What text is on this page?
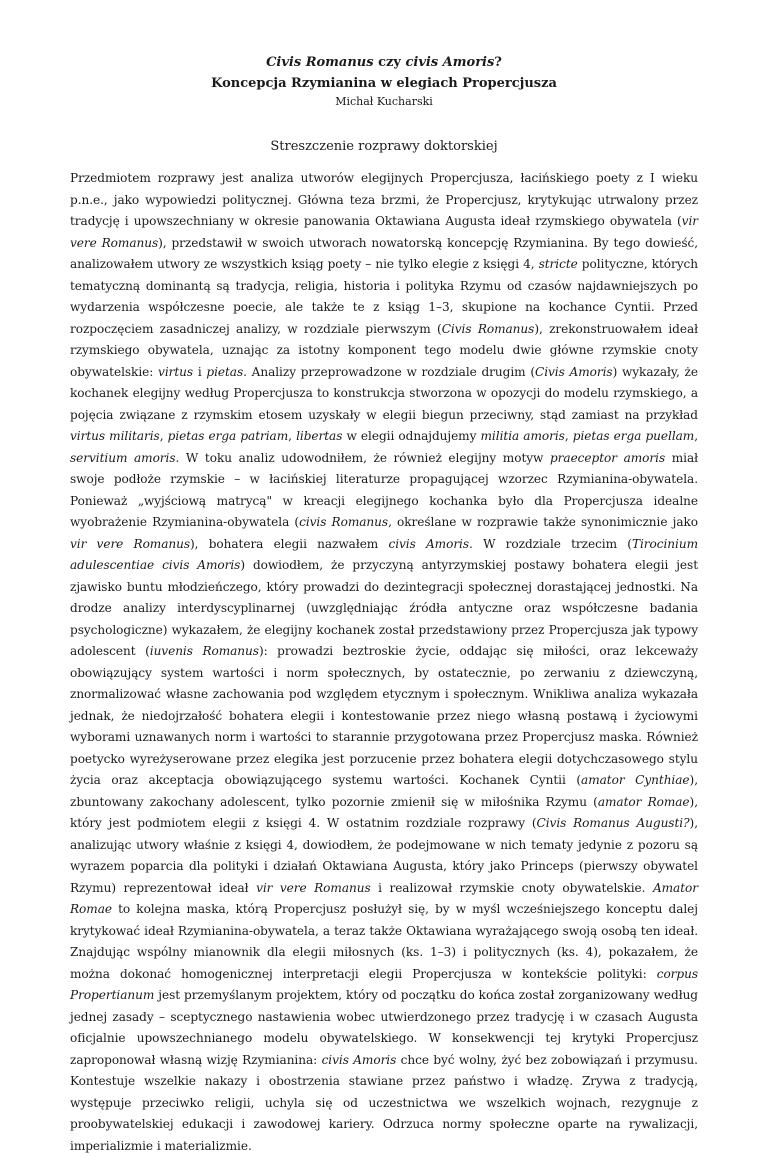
Civis Romanus czy civis Amoris?

Koncepcja Rzymianina w elegiach Propercjusza

Michał Kucharski

Streszczenie rozprawy doktorskiej

Przedmiotem rozprawy jest analiza utworów elegijnych Propercjusza, łacińskiego poety z I wieku p.n.e., jako wypowiedzi politycznej. Główna teza brzmi, że Propercjusz, krytykując utrwalony przez tradycję i upowszechniany w okresie panowania Oktawiana Augusta ideał rzymskiego obywatela (vir vere Romanus), przedstawił w swoich utworach nowatorską koncepcję Rzymianina. By tego dowieść, analizowałem utwory ze wszystkich ksiąg poety – nie tylko elegie z księgi 4, stricte polityczne, których tematyczną dominantą są tradycja, religia, historia i polityka Rzymu od czasów najdawniejszych po wydarzenia współczesne poecie, ale także te z ksiąg 1–3, skupione na kochance Cyntii. Przed rozpoczęciem zasadniczej analizy, w rozdziale pierwszym (Civis Romanus), zrekonstruowałem ideał rzymskiego obywatela, uznając za istotny komponent tego modelu dwie główne rzymskie cnoty obywatelskie: virtus i pietas. Analizy przeprowadzone w rozdziale drugim (Civis Amoris) wykazały, że kochanek elegijny według Propercjusza to konstrukcja stworzona w opozycji do modelu rzymskiego, a pojęcia związane z rzymskim etosem uzyskały w elegii biegun przeciwny, stąd zamiast na przykład virtus militaris, pietas erga patriam, libertas w elegii odnajdujemy militia amoris, pietas erga puellam, servitium amoris. W toku analiz udowodniłem, że również elegijny motyw praeceptor amoris miał swoje podłoże rzymskie – w łacińskiej literaturze propagującej wzorzec Rzymianina-obywatela. Ponieważ „wyjściową matrycą" w kreacji elegijnego kochanka było dla Propercjusza idealne wyobrażenie Rzymianina-obywatela (civis Romanus, określane w rozprawie także synonimicznie jako vir vere Romanus), bohatera elegii nazwałem civis Amoris. W rozdziale trzecim (Tirocinium adulescentiae civis Amoris) dowiodłem, że przyczyną antyrzymskiej postawy bohatera elegii jest zjawisko buntu młodzieńczego, który prowadzi do dezintegracji społecznej dorastającej jednostki. Na drodze analizy interdyscyplinarnej (uwzględniając źródła antyczne oraz współczesne badania psychologiczne) wykazałem, że elegijny kochanek został przedstawiony przez Propercjusza jak typowy adolescent (iuvenis Romanus): prowadzi beztroskie życie, oddając się miłości, oraz lekceważy obowiązujący system wartości i norm społecznych, by ostatecznie, po zerwaniu z dziewczyną, znormalizować własne zachowania pod względem etycznym i społecznym. Wnikliwa analiza wykazała jednak, że niedojrzałość bohatera elegii i kontestowanie przez niego własną postawą i życiowymi wyborami uznawanych norm i wartości to starannie przygotowana przez Propercjusz maska. Również poetycko wyreżyserowane przez elegika jest porzucenie przez bohatera elegii dotychczasowego stylu życia oraz akceptacja obowiązującego systemu wartości. Kochanek Cyntii (amator Cynthiae), zbuntowany zakochany adolescent, tylko pozornie zmienił się w miłośnika Rzymu (amator Romae), który jest podmiotem elegii z księgi 4. W ostatnim rozdziale rozprawy (Civis Romanus Augusti?), analizując utwory właśnie z księgi 4, dowiodłem, że podejmowane w nich tematy jedynie z pozoru są wyrazem poparcia dla polityki i działań Oktawiana Augusta, który jako Princeps (pierwszy obywatel Rzymu) reprezentował ideał vir vere Romanus i realizował rzymskie cnoty obywatelskie. Amator Romae to kolejna maska, którą Propercjusz posłużył się, by w myśl wcześniejszego konceptu dalej krytykować ideał Rzymianina-obywatela, a teraz także Oktawiana wyrażającego swoją osobą ten ideał. Znajdując wspólny mianownik dla elegii miłosnych (ks. 1–3) i politycznych (ks. 4), pokazałem, że można dokonać homogenicznej interpretacji elegii Propercjusza w kontekście polityki: corpus Propertianum jest przemyślanym projektem, który od początku do końca został zorganizowany według jednej zasady – sceptycznego nastawienia wobec utwierdzonego przez tradycję i w czasach Augusta oficjalnie upowszechnianego modelu obywatelskiego. W konsekwencji tej krytyki Propercjusz zaproponował własną wizję Rzymianina: civis Amoris chce być wolny, żyć bez zobowiązań i przymusu. Kontestuje wszelkie nakazy i obostrzenia stawiane przez państwo i władzę. Zrywa z tradycją, występuje przeciwko religii, uchyla się od uczestnictwa we wszelkich wojnach, rezygnuje z proobywatelskiej edukacji i zawodowej kariery. Odrzuca normy społeczne oparte na rywalizacji, imperializmie i materializmie.
